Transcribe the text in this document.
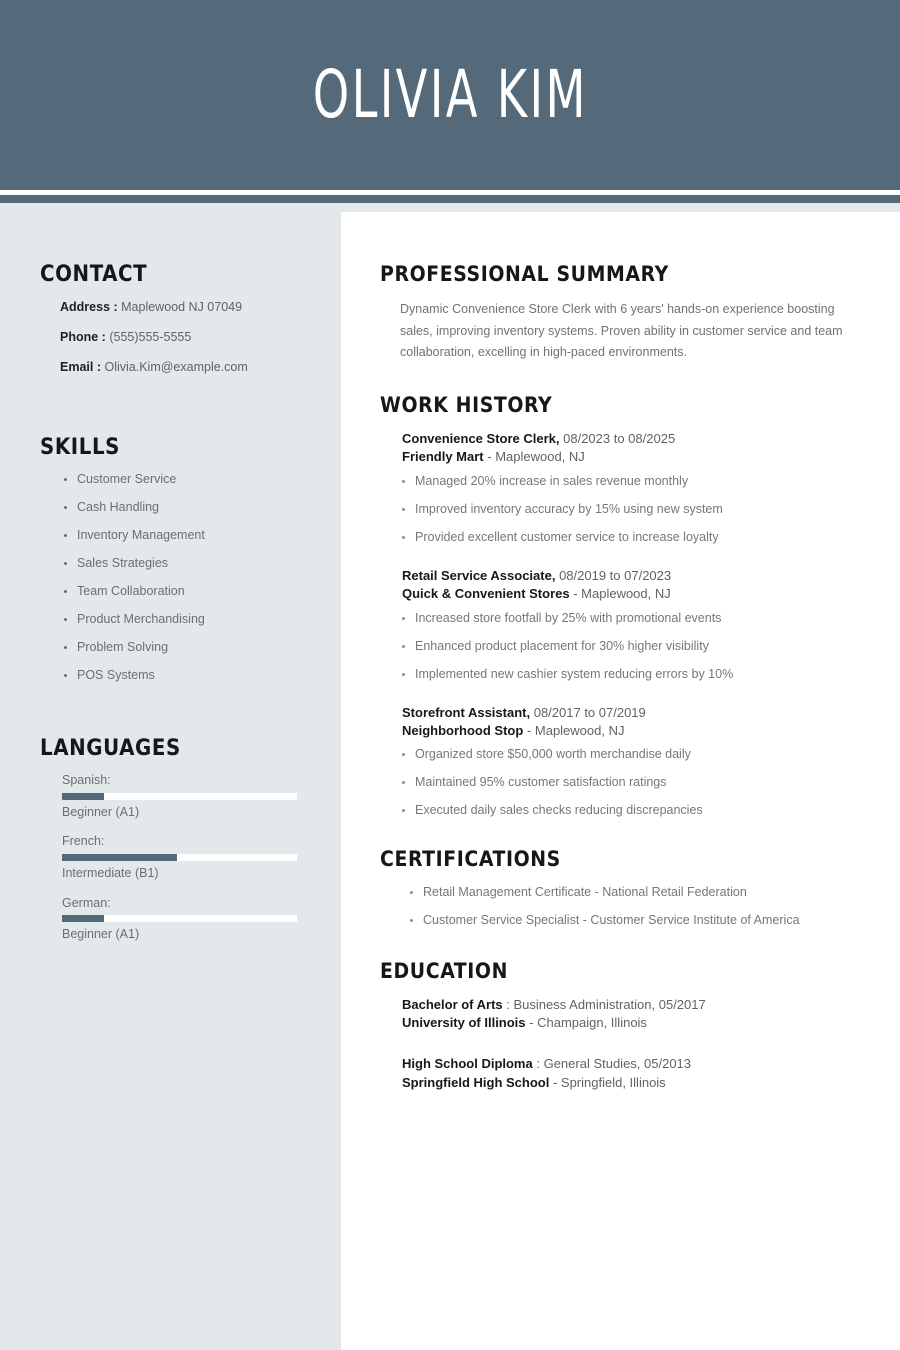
OLIVIA KIM
CONTACT
Address : Maplewood NJ 07049
Phone : (555)555-5555
Email : Olivia.Kim@example.com
SKILLS
Customer Service
Cash Handling
Inventory Management
Sales Strategies
Team Collaboration
Product Merchandising
Problem Solving
POS Systems
LANGUAGES
Spanish:
Beginner (A1)
French:
Intermediate (B1)
German:
Beginner (A1)
PROFESSIONAL SUMMARY

Dynamic Convenience Store Clerk with 6 years' hands-on experience boosting sales, improving inventory systems. Proven ability in customer service and team collaboration, excelling in high-paced environments.

WORK HISTORY
Convenience Store Clerk, 08/2023 to 08/2025
Friendly Mart - Maplewood, NJ
Managed 20% increase in sales revenue monthly
Improved inventory accuracy by 15% using new system
Provided excellent customer service to increase loyalty
Retail Service Associate, 08/2019 to 07/2023
Quick & Convenient Stores - Maplewood, NJ
Increased store footfall by 25% with promotional events
Enhanced product placement for 30% higher visibility
Implemented new cashier system reducing errors by 10%
Storefront Assistant, 08/2017 to 07/2019
Neighborhood Stop - Maplewood, NJ
Organized store $50,000 worth merchandise daily
Maintained 95% customer satisfaction ratings
Executed daily sales checks reducing discrepancies
CERTIFICATIONS
Retail Management Certificate - National Retail Federation
Customer Service Specialist - Customer Service Institute of America
EDUCATION
Bachelor of Arts : Business Administration, 05/2017
University of Illinois - Champaign, Illinois
High School Diploma : General Studies, 05/2013
Springfield High School - Springfield, Illinois
